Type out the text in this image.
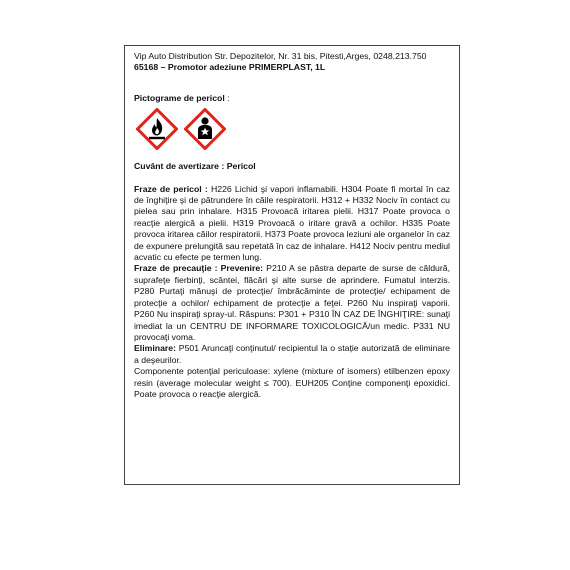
Vip Auto Distribution Str. Depozitelor, Nr. 31 bis, Pitesti,Arges, 0248.213.750

65168 – Promotor adeziune PRIMERPLAST, 1L

Pictograme de pericol :

Cuvânt de avertizare : Pericol

Fraze de pericol : H226 Lichid şi vapori inflamabili. H304 Poate fi mortal în caz de înghiţire şi de pătrundere în căile respiratorii. H312 + H332 Nociv în contact cu pielea sau prin inhalare. H315 Provoacă iritarea pielii. H317 Poate provoca o reacţie alergică a pielii. H319 Provoacă o iritare gravă a ochilor. H335 Poate provoca iritarea căilor respiratorii. H373 Poate provoca leziuni ale organelor în caz de expunere prelungită sau repetată în caz de inhalare. H412 Nociv pentru mediul acvatic cu efecte pe termen lung.

Fraze de precauţie : Prevenire: P210 A se păstra departe de surse de căldură, suprafeţe fierbinţi, scântei, flăcări şi alte surse de aprindere. Fumatul interzis. P280 Purtaţi mănuşi de protecţie/ îmbrăcăminte de protecţie/ echipament de protecţie a ochilor/ echipament de protecţie a feţei. P260 Nu inspiraţi vaporii. P260 Nu inspiraţi spray-ul. Răspuns: P301 + P310 ÎN CAZ DE ÎNGHIŢIRE: sunaţi imediat la un CENTRU DE INFORMARE TOXICOLOGICĂ/un medic. P331 NU provocaţi voma.

Eliminare: P501 Aruncaţi conţinutul/ recipientul la o stație autorizată de eliminare a deşeurilor.

Componente potenţial periculoase: xylene (mixture of isomers) etilbenzen epoxy resin (average molecular weight ≤ 700). EUH205 Conţine componenţi epoxidici. Poate provoca o reacţie alergică.
